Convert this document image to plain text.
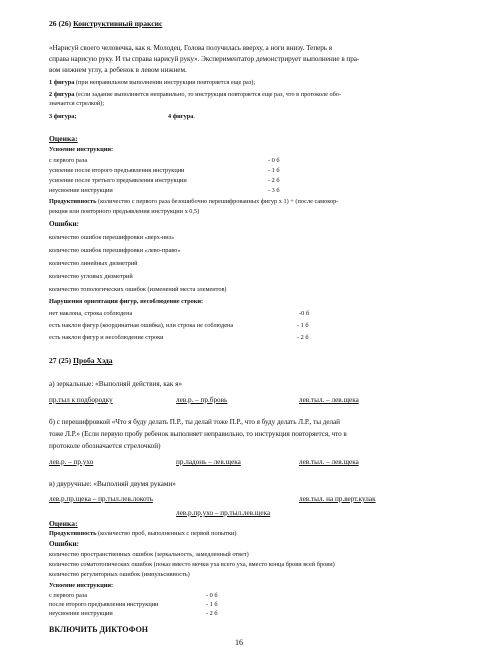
26 (26) Конструктивный праксис
«Нарисуй своего человечка, как я. Молодец. Голова получилась вверху, а ноги внизу. Теперь я
справа нарисую руку. И ты справа нарисуй руку». Экспериментатор демонстрирует выполнение в пра-
вом нижнем углу, а ребенок в левом нижнем.
1 фигура (при неправильном выполнении инструкция повторяется еще раз);
2 фигура (если задание выполняется неправильно, то инструкция повторяется еще раз, что в протоколе обо-
значается стрелкой);
3 фигура;	4 фигура.
Оценка:
Усвоение инструкции:
с первого раза	- 0 б
усвоение после второго предъявления инструкции	- 1 б
усвоение после третьего предъявления инструкции	- 2 б
неусвоение инструкции	- 3 б
Продуктивность (количество с первого раза безошибочно перешифрованных фигур х 1) + (после самокор-
рекция или повторного предъявления инструкции х 0,5)
Ошибки:
количество ошибок перешифровки «верх-низ»
количество ошибок перешифровки «лево-право»
количество линейных дизметрий
количество угловых дизметрий
количество топологических ошибок (изменений места элементов)
Нарушения ориентации фигур, несоблюдение строки:
нет наклона, строка соблюдена	-0 б
есть наклон фигур (координатная ошибка), или строка не соблюдена	- 1 б
есть наклон фигур и несоблюдение строки	- 2 б
27 (25) Проба Хэда
а) зеркальные: «Выполняй действия, как я»
пр.тыл к подбородку	лев.р. – пр.бровь	лев.тыл. – лев.щека
б) с перешифровкой «Что я буду делать П.Р., ты делай тоже П.Р., что я буду делать Л.Р., ты делай
тоже Л.Р.» (Если первую пробу ребенок выполняет неправильно, то инструкция повторяется, что в
протоколе обозначается стрелочкой)
лев.р. – пр.ухо	пр.ладонь – лев.щека	лев.тыл. – лев.щека
в) двуручные: «Выполняй двумя руками»
лев.р.пр.щека – пр.тыл.лев.локоть	лев.тыл. на пр.верт.кулак
лев.р.пр.ухо – пр.тыл.лев.щека
Оценка:
Продуктивность (количество проб, выполненных с первой попытки)
Ошибки:
количество пространственных ошибок (зеркальность, замедленный ответ)
количество соматотопических ошибок (показ вместо мочки уха всего уха, вместо конца брови всей брови)
количество регуляторных ошибок (импульсивность)
Усвоение инструкции:
с первого раза	- 0 б
после второго предъявления инструкции	- 1 б
неусвоение инструкции	- 2 б
ВКЛЮЧИТЬ ДИКТОФОН
16
